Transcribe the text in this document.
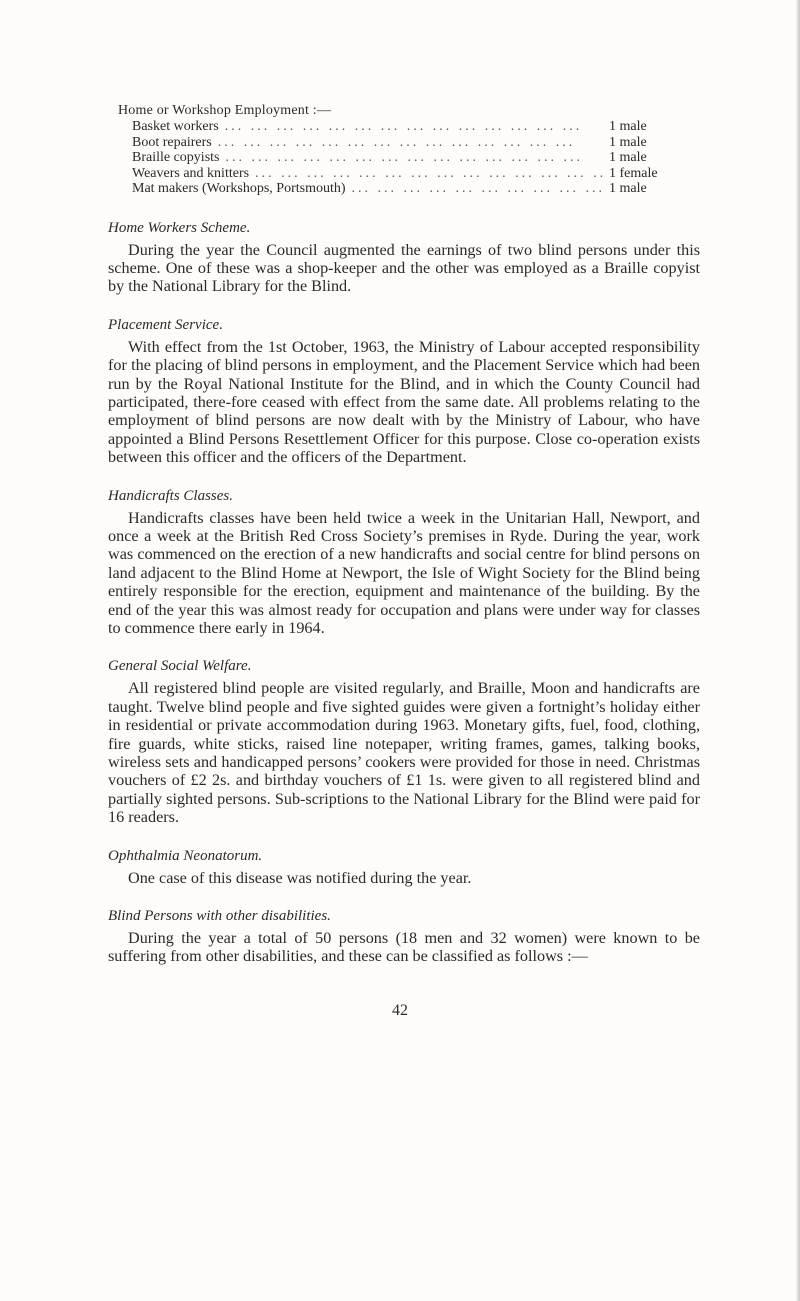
Home or Workshop Employment :—
Basket workers ... .	1 male
Boot repairers ... .	1 male
Braille copyists ... .	1 male
Weavers and knitters ... .	1 female
Mat makers (Workshops, Portsmouth) ... .	1 male
Home Workers Scheme.

During the year the Council augmented the earnings of two blind persons under this scheme. One of these was a shop-keeper and the other was employed as a Braille copyist by the National Library for the Blind.

Placement Service.

With effect from the 1st October, 1963, the Ministry of Labour accepted responsibility for the placing of blind persons in employment, and the Placement Service which had been run by the Royal National Institute for the Blind, and in which the County Council had participated, there-fore ceased with effect from the same date. All problems relating to the employment of blind persons are now dealt with by the Ministry of Labour, who have appointed a Blind Persons Resettlement Officer for this purpose. Close co-operation exists between this officer and the officers of the Department.

Handicrafts Classes.

Handicrafts classes have been held twice a week in the Unitarian Hall, Newport, and once a week at the British Red Cross Society’s premises in Ryde. During the year, work was commenced on the erection of a new handicrafts and social centre for blind persons on land adjacent to the Blind Home at Newport, the Isle of Wight Society for the Blind being entirely responsible for the erection, equipment and maintenance of the building. By the end of the year this was almost ready for occupation and plans were under way for classes to commence there early in 1964.

General Social Welfare.

All registered blind people are visited regularly, and Braille, Moon and handicrafts are taught. Twelve blind people and five sighted guides were given a fortnight’s holiday either in residential or private accommodation during 1963. Monetary gifts, fuel, food, clothing, fire guards, white sticks, raised line notepaper, writing frames, games, talking books, wireless sets and handicapped persons’ cookers were provided for those in need. Christmas vouchers of £2 2s. and birthday vouchers of £1 1s. were given to all registered blind and partially sighted persons. Sub-scriptions to the National Library for the Blind were paid for 16 readers.

Ophthalmia Neonatorum.

One case of this disease was notified during the year.

Blind Persons with other disabilities.

During the year a total of 50 persons (18 men and 32 women) were known to be suffering from other disabilities, and these can be classified as follows :—

42
